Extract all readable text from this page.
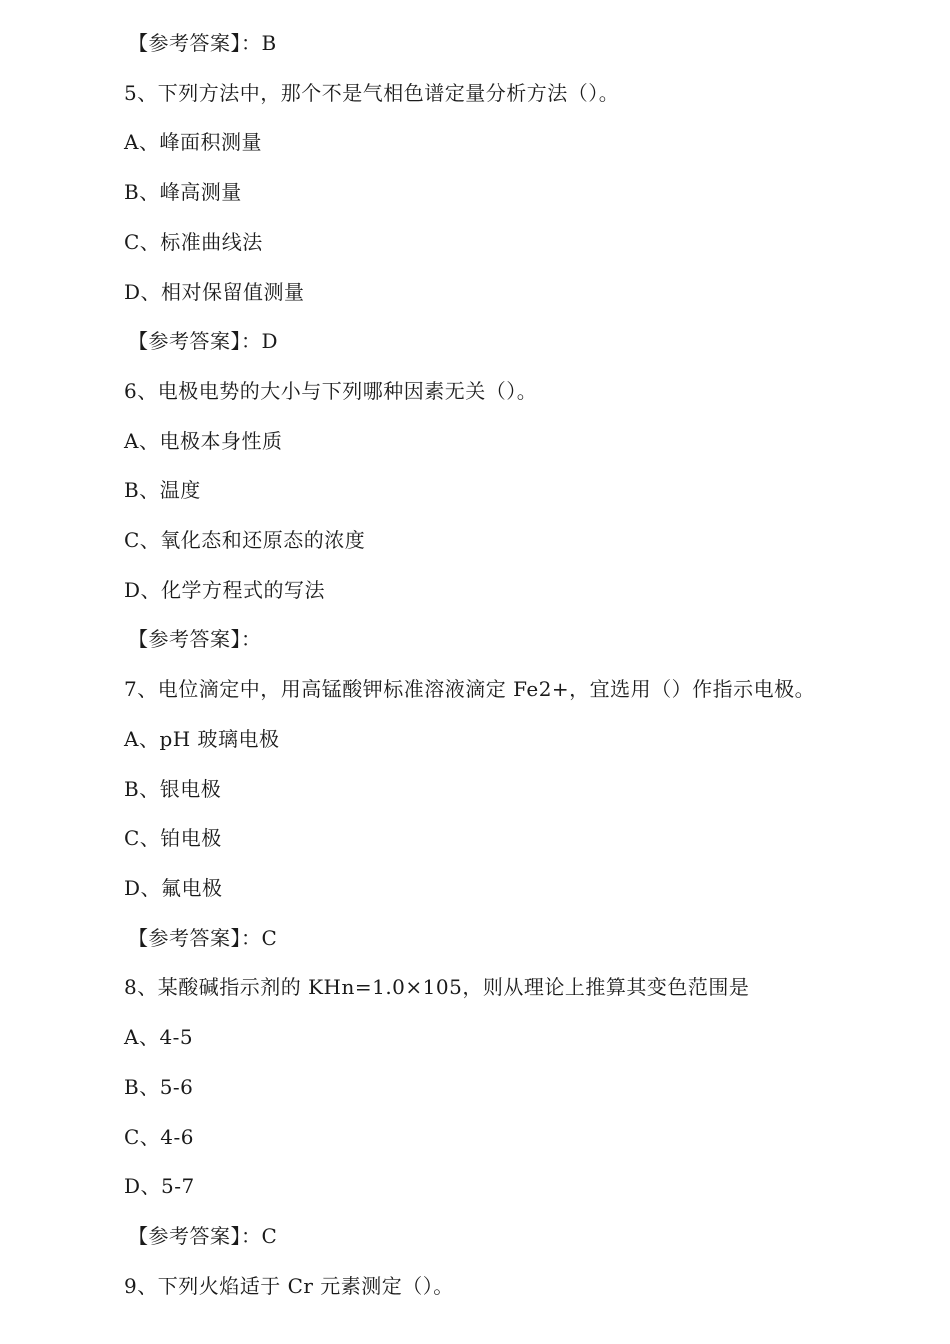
【参考答案】：B
5、下列方法中，那个不是气相色谱定量分析方法（）。
A、峰面积测量
B、峰高测量
C、标准曲线法
D、相对保留值测量
【参考答案】：D
6、电极电势的大小与下列哪种因素无关（）。
A、电极本身性质
B、温度
C、氧化态和还原态的浓度
D、化学方程式的写法
【参考答案】：
7、电位滴定中，用高锰酸钾标准溶液滴定 Fe2+，宜选用（）作指示电极。
A、pH 玻璃电极
B、银电极
C、铂电极
D、氟电极
【参考答案】：C
8、某酸碱指示剂的 KHn=1.0×105，则从理论上推算其变色范围是
A、4-5
B、5-6
C、4-6
D、5-7
【参考答案】：C
9、下列火焰适于 Cr 元素测定（）。
